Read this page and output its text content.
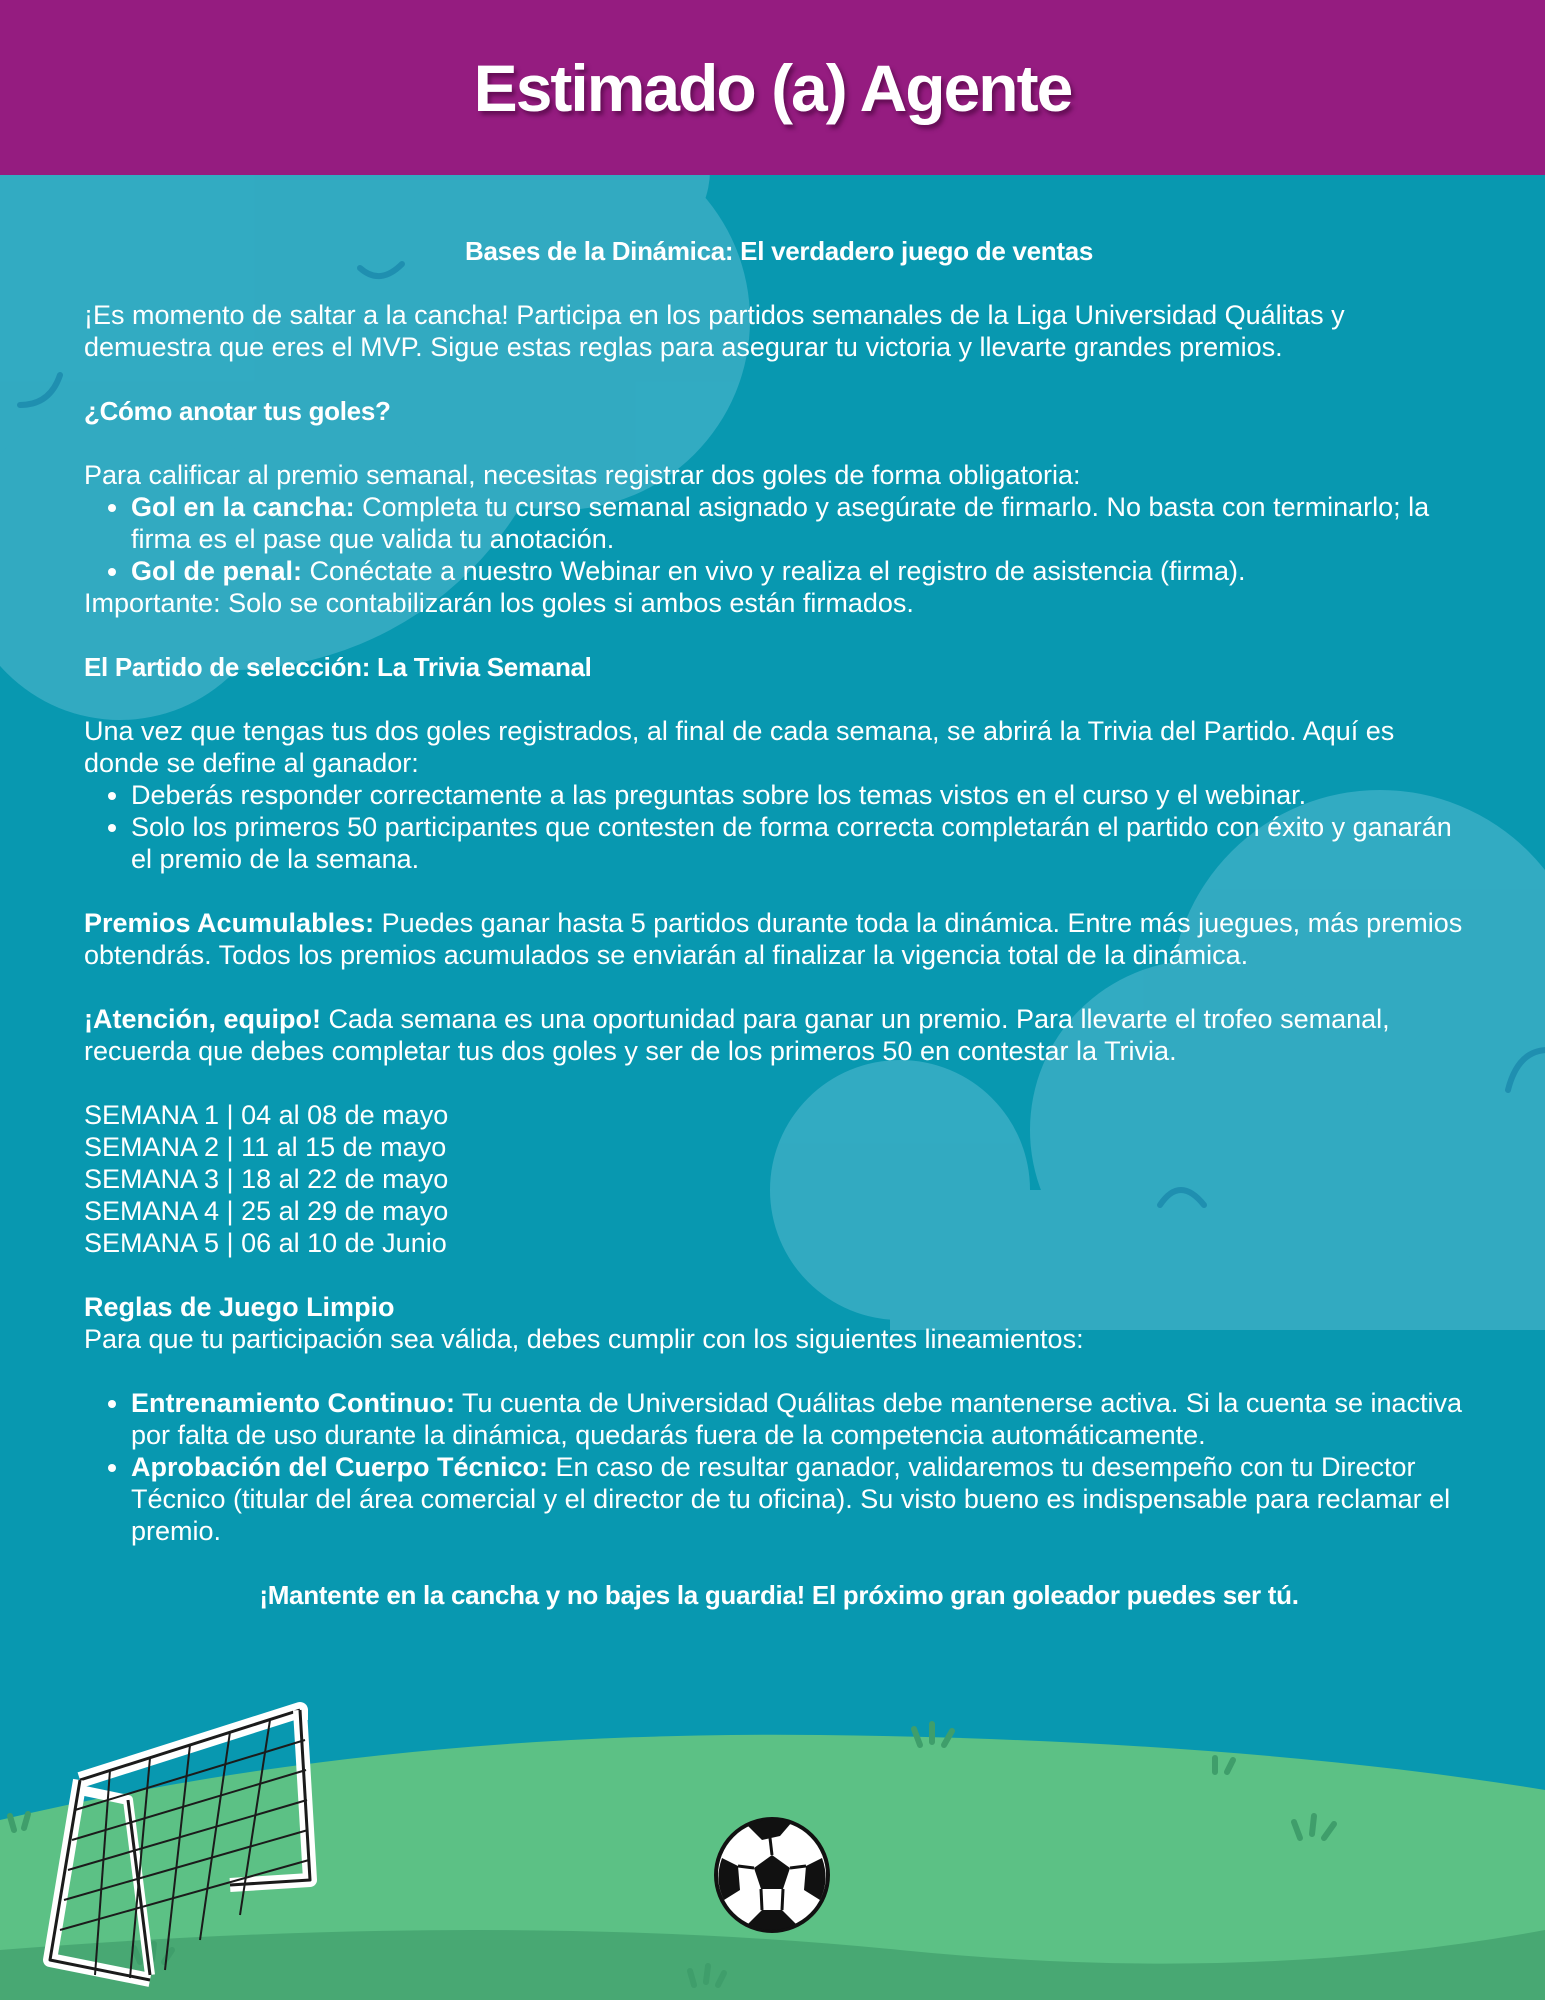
Estimado (a) Agente

Bases de la Dinámica: El verdadero juego de ventas

¡Es momento de saltar a la cancha! Participa en los partidos semanales de la Liga Universidad Quálitas y demuestra que eres el MVP. Sigue estas reglas para asegurar tu victoria y llevarte grandes premios.

¿Cómo anotar tus goles?

Para calificar al premio semanal, necesitas registrar dos goles de forma obligatoria:

• Gol en la cancha: Completa tu curso semanal asignado y asegúrate de firmarlo. No basta con terminarlo; la firma es el pase que valida tu anotación.
• Gol de penal: Conéctate a nuestro Webinar en vivo y realiza el registro de asistencia (firma).

Importante: Solo se contabilizarán los goles si ambos están firmados.

El Partido de selección: La Trivia Semanal

Una vez que tengas tus dos goles registrados, al final de cada semana, se abrirá la Trivia del Partido. Aquí es donde se define al ganador:

• Deberás responder correctamente a las preguntas sobre los temas vistos en el curso y el webinar.
• Solo los primeros 50 participantes que contesten de forma correcta completarán el partido con éxito y ganarán el premio de la semana.

Premios Acumulables: Puedes ganar hasta 5 partidos durante toda la dinámica. Entre más juegues, más premios obtendrás. Todos los premios acumulados se enviarán al finalizar la vigencia total de la dinámica.

¡Atención, equipo! Cada semana es una oportunidad para ganar un premio. Para llevarte el trofeo semanal, recuerda que debes completar tus dos goles y ser de los primeros 50 en contestar la Trivia.

SEMANA 1 | 04 al 08 de mayo

SEMANA 2 | 11 al 15 de mayo

SEMANA 3 | 18 al 22 de mayo

SEMANA 4 | 25 al 29 de mayo

SEMANA 5 | 06 al 10 de Junio

Reglas de Juego Limpio

Para que tu participación sea válida, debes cumplir con los siguientes lineamientos:

• Entrenamiento Continuo: Tu cuenta de Universidad Quálitas debe mantenerse activa. Si la cuenta se inactiva por falta de uso durante la dinámica, quedarás fuera de la competencia automáticamente.
• Aprobación del Cuerpo Técnico: En caso de resultar ganador, validaremos tu desempeño con tu Director Técnico (titular del área comercial y el director de tu oficina). Su visto bueno es indispensable para reclamar el premio.

¡Mantente en la cancha y no bajes la guardia! El próximo gran goleador puedes ser tú.
